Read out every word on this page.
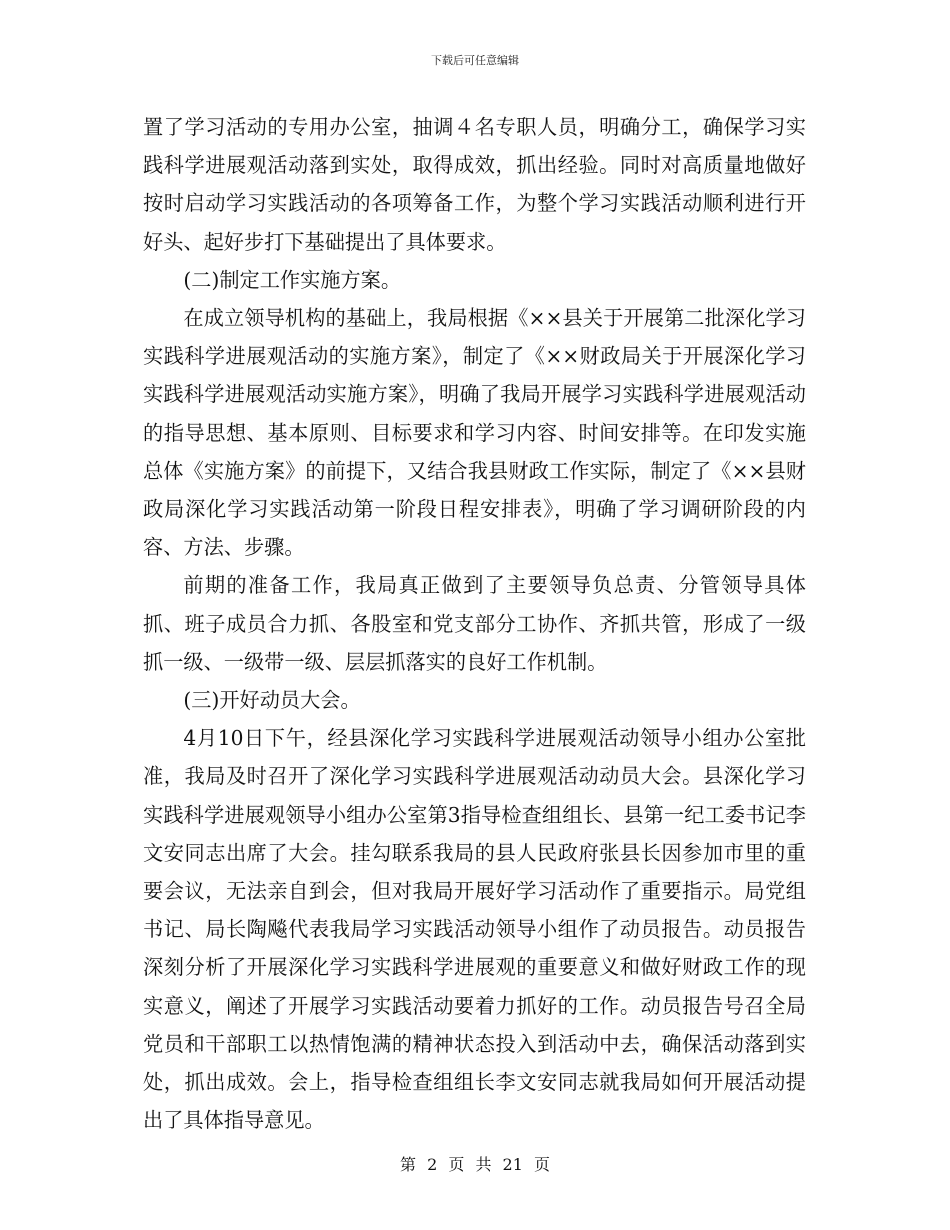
下载后可任意编辑

置了学习活动的专用办公室，抽调４名专职人员，明确分工，确保学习实践科学进展观活动落到实处，取得成效，抓出经验。同时对高质量地做好按时启动学习实践活动的各项筹备工作，为整个学习实践活动顺利进行开好头、起好步打下基础提出了具体要求。

(二)制定工作实施方案。

在成立领导机构的基础上，我局根据《××县关于开展第二批深化学习实践科学进展观活动的实施方案》，制定了《××财政局关于开展深化学习实践科学进展观活动实施方案》，明确了我局开展学习实践科学进展观活动的指导思想、基本原则、目标要求和学习内容、时间安排等。在印发实施总体《实施方案》的前提下，又结合我县财政工作实际，制定了《××县财政局深化学习实践活动第一阶段日程安排表》，明确了学习调研阶段的内容、方法、步骤。

前期的准备工作，我局真正做到了主要领导负总责、分管领导具体抓、班子成员合力抓、各股室和党支部分工协作、齐抓共管，形成了一级抓一级、一级带一级、层层抓落实的良好工作机制。

(三)开好动员大会。

4月10日下午，经县深化学习实践科学进展观活动领导小组办公室批准，我局及时召开了深化学习实践科学进展观活动动员大会。县深化学习实践科学进展观领导小组办公室第3指导检查组组长、县第一纪工委书记李文安同志出席了大会。挂勾联系我局的县人民政府张县长因参加市里的重要会议，无法亲自到会，但对我局开展好学习活动作了重要指示。局党组书记、局长陶飚代表我局学习实践活动领导小组作了动员报告。动员报告深刻分析了开展深化学习实践科学进展观的重要意义和做好财政工作的现实意义，阐述了开展学习实践活动要着力抓好的工作。动员报告号召全局党员和干部职工以热情饱满的精神状态投入到活动中去，确保活动落到实处，抓出成效。会上，指导检查组组长李文安同志就我局如何开展活动提出了具体指导意见。

第 2 页 共 21 页
